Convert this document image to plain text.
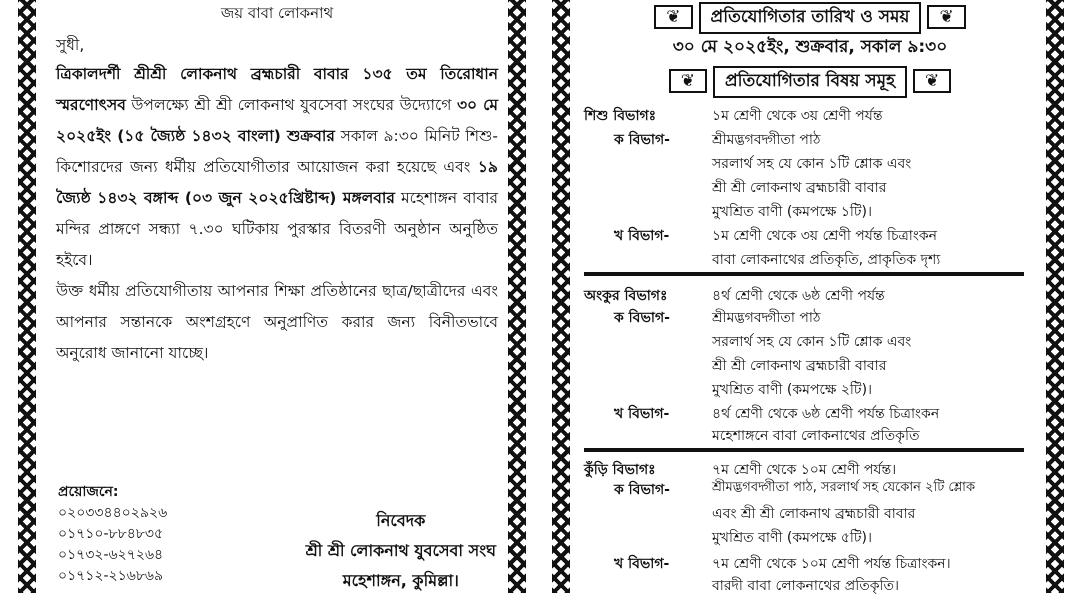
জয় বাবা লোকনাথ
সুধী,

ত্রিকালদর্শী শ্রীশ্রী লোকনাথ ব্রহ্মচারী বাবার ১৩৫ তম তিরোধান স্মরণোৎসব উপলক্ষ্যে শ্রী শ্রী লোকনাথ যুবসেবা সংঘের উদ্যোগে ৩০ মে ২০২৫ইং (১৫ জ্যৈষ্ঠ ১৪৩২ বাংলা) শুক্রবার সকাল ৯:৩০ মিনিট শিশু-কিশোরদের জন্য ধর্মীয় প্রতিযোগীতার আয়োজন করা হয়েছে এবং ১৯ জ্যৈষ্ঠ ১৪৩২ বঙ্গাব্দ (০৩ জুন ২০২৫খ্রিষ্টাব্দ) মঙ্গলবার মহেশাঙ্গন বাবার মন্দির প্রাঙ্গণে সন্ধ্যা ৭.৩০ ঘটিকায় পুরস্কার বিতরণী অনুষ্ঠান অনুষ্ঠিত হইবে।

উক্ত ধর্মীয় প্রতিযোগীতায় আপনার শিক্ষা প্রতিষ্ঠানের ছাত্র/ছাত্রীদের এবং আপনার সন্তানকে অংশগ্রহণে অনুপ্রাণিত করার জন্য বিনীতভাবে অনুরোধ জানানো যাচ্ছে।

প্রয়োজনে:
০২০৩৩৪৪০২৯২৬
০১৭১০-৮৮৪৮৩৫
০১৭৩২-৬২৭২৬৪
০১৭১২-২১৬৮৬৯
নিবেদক
শ্রী শ্রী লোকনাথ যুবসেবা সংঘ
মহেশাঙ্গন, কুমিল্লা।
❦ প্রতিযোগিতার তারিখ ও সময় ❦
৩০ মে ২০২৫ইং, শুক্রবার, সকাল ৯:৩০
❦ প্রতিযোগিতার বিষয় সমূহ ❦
শিশু বিভাগঃ	১ম শ্রেণী থেকে ৩য় শ্রেণী পর্যন্ত
ক বিভাগ-	শ্রীমদ্ভগবদ্গীতা পাঠ
সরলার্থ সহ যে কোন ১টি শ্লোক এবং
শ্রী শ্রী লোকনাথ ব্রহ্মচারী বাবার
মুখশ্রিত বাণী (কমপক্ষে ১টি)।
খ বিভাগ-	১ম শ্রেণী থেকে ৩য় শ্রেণী পর্যন্ত চিত্রাংকন
বাবা লোকনাথের প্রতিকৃতি, প্রাকৃতিক দৃশ্য
অংকুর বিভাগঃ	৪র্থ শ্রেণী থেকে ৬ষ্ঠ শ্রেণী পর্যন্ত
ক বিভাগ-	শ্রীমদ্ভগবদ্গীতা পাঠ
সরলার্থ সহ যে কোন ১টি শ্লোক এবং
শ্রী শ্রী লোকনাথ ব্রহ্মচারী বাবার
মুখশ্রিত বাণী (কমপক্ষে ২টি)।
খ বিভাগ-	৪র্থ শ্রেণী থেকে ৬ষ্ঠ শ্রেণী পর্যন্ত চিত্রাংকন
মহেশাঙ্গনে বাবা লোকনাথের প্রতিকৃতি
কুঁড়ি বিভাগঃ	৭ম শ্রেণী থেকে ১০ম শ্রেণী পর্যন্ত।
ক বিভাগ-	শ্রীমদ্ভগবদ্গীতা পাঠ, সরলার্থ সহ যেকোন ২টি শ্লোক
এবং শ্রী শ্রী লোকনাথ ব্রহ্মচারী বাবার
মুখশ্রিত বাণী (কমপক্ষে ৫টি)।
খ বিভাগ-	৭ম শ্রেণী থেকে ১০ম শ্রেণী পর্যন্ত চিত্রাংকন।
বারদী বাবা লোকনাথের প্রতিকৃতি।
